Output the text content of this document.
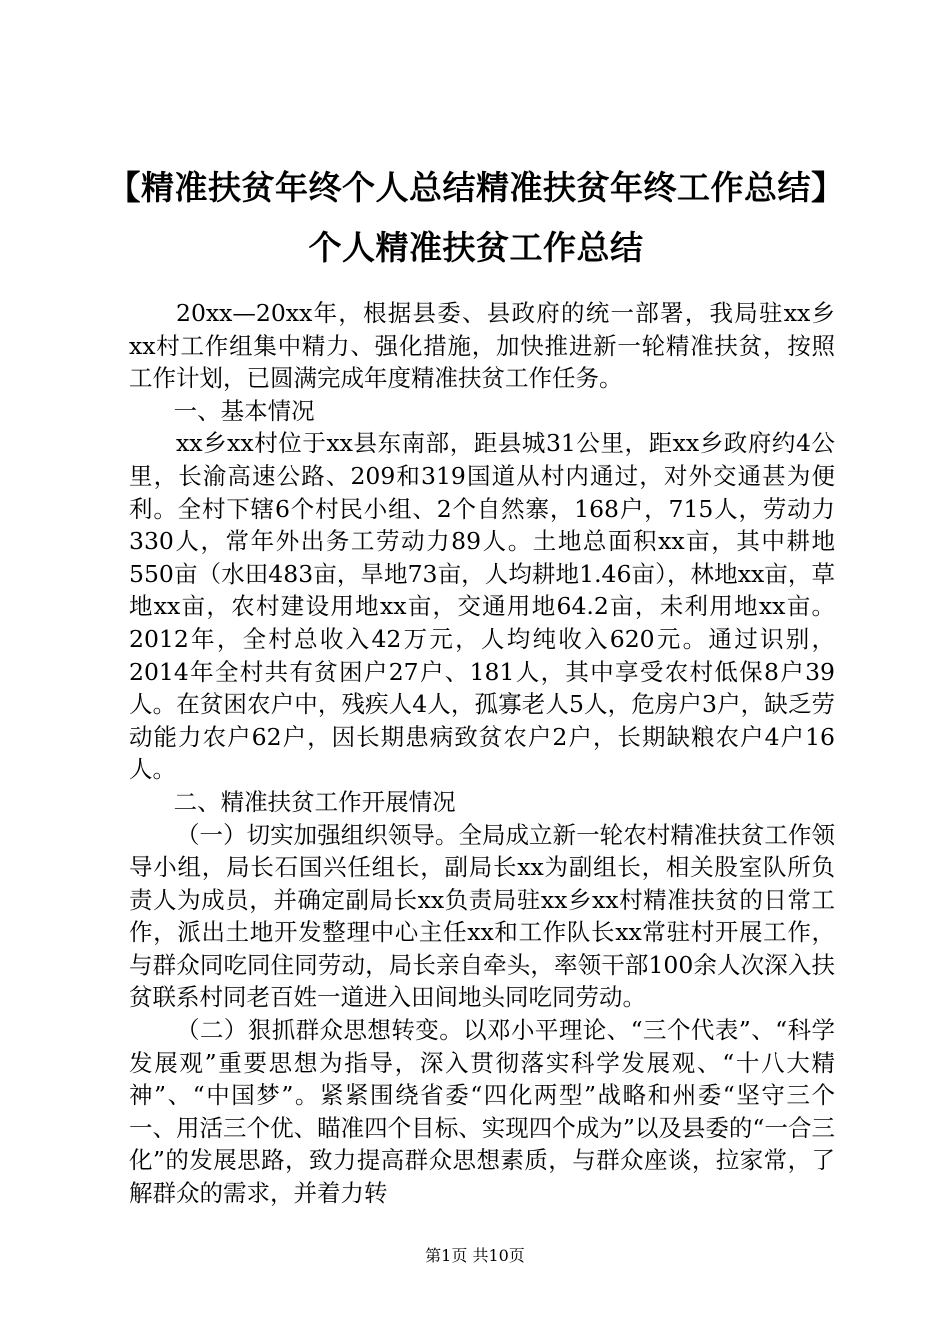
【精准扶贫年终个人总结精准扶贫年终工作总结】个人精准扶贫工作总结

20xx—20xx年，根据县委、县政府的统一部署，我局驻xx乡xx村工作组集中精力、强化措施，加快推进新一轮精准扶贫，按照工作计划，已圆满完成年度精准扶贫工作任务。

一、基本情况

xx乡xx村位于xx县东南部，距县城31公里，距xx乡政府约4公里，长渝高速公路、209和319国道从村内通过，对外交通甚为便利。全村下辖6个村民小组、2个自然寨，168户，715人，劳动力330人，常年外出务工劳动力89人。土地总面积xx亩，其中耕地550亩（水田483亩，旱地73亩，人均耕地1.46亩），林地xx亩，草地xx亩，农村建设用地xx亩，交通用地64.2亩，未利用地xx亩。2012年，全村总收入42万元，人均纯收入620元。通过识别，2014年全村共有贫困户27户、181人，其中享受农村低保8户39人。在贫困农户中，残疾人4人，孤寡老人5人，危房户3户，缺乏劳动能力农户62户，因长期患病致贫农户2户，长期缺粮农户4户16人。

二、精准扶贫工作开展情况

（一）切实加强组织领导。全局成立新一轮农村精准扶贫工作领导小组，局长石国兴任组长，副局长xx为副组长，相关股室队所负责人为成员，并确定副局长xx负责局驻xx乡xx村精准扶贫的日常工作，派出土地开发整理中心主任xx和工作队长xx常驻村开展工作，与群众同吃同住同劳动，局长亲自牵头，率领干部100余人次深入扶贫联系村同老百姓一道进入田间地头同吃同劳动。

（二）狠抓群众思想转变。以邓小平理论、“三个代表”、“科学发展观”重要思想为指导，深入贯彻落实科学发展观、“十八大精神”、“中国梦”。紧紧围绕省委“四化两型”战略和州委“坚守三个一、用活三个优、瞄准四个目标、实现四个成为”以及县委的“一合三化”的发展思路，致力提高群众思想素质，与群众座谈，拉家常，了解群众的需求，并着力转

第1页 共10页
